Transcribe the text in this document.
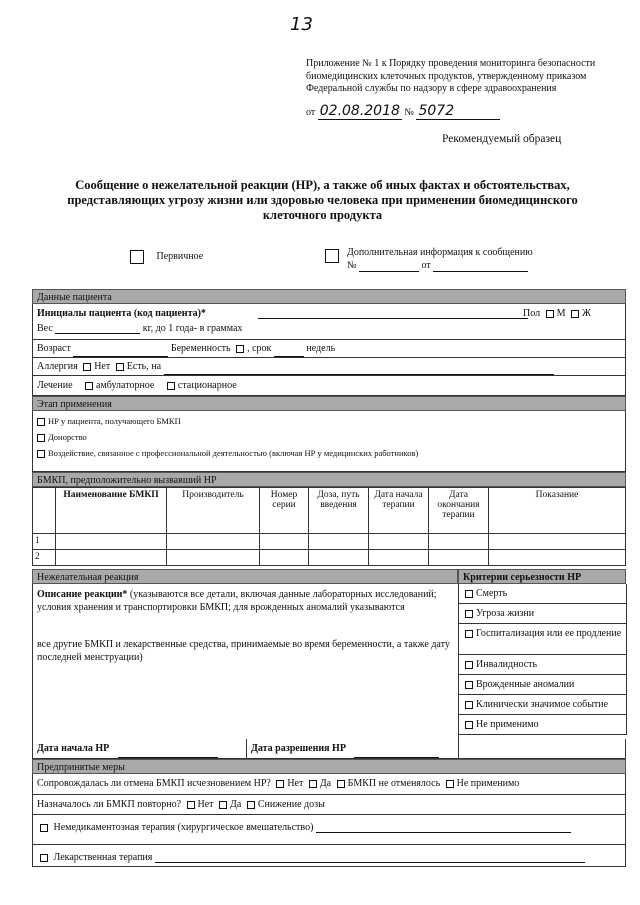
13
Приложение № 1 к Порядку проведения мониторинга безопасности биомедицинских клеточных продуктов, утвержденному приказом Федеральной службы по надзору в сфере здравоохранения
от 02.08.2018 № 5072
Рекомендуемый образец
Сообщение о нежелательной реакции (НР), а также об иных фактах и обстоятельствах, представляющих угрозу жизни или здоровью человека при применении биомедицинского клеточного продукта
Первичное	Дополнительная информация к сообщению
№	от
Данные пациента
Инициалы пациента (код пациента)*	Пол М Ж
Вес	кг, до 1 года- в граммах
Возраст	Беременность , срок	недель
Аллергия Нет Есть, на
Лечение амбулаторное стационарное
Этап применения
НР у пациента, получающего БМКП
Донорство
Воздействие, связанное с профессиональной деятельностью (включая НР у медицинских работников)
БМКП, предположительно вызвавший НР
	Наименование БМКП	Производитель	Номер серии	Доза, путь введения	Дата начала терапии	Дата окончания терапии	Показание
1							
2							
Нежелательная реакция	Критерии серьезности НР
Описание реакции* (указываются все детали, включая данные лабораторных исследований; условия хранения и транспортировки БМКП; для врожденных аномалий указываются
все другие БМКП и лекарственные средства, принимаемые во время беременности, а также дату последней менструации)
Смерть
Угроза жизни
Госпитализация или ее продление
Инвалидность
Врожденные аномалии
Клинически значимое событие
Не применимо
Дата начала НР	Дата разрешения НР
Предпринятые меры
Сопровождалась ли отмена БМКП исчезновением НР? Нет Да БМКП не отменялось Не применимо
Назначалось ли БМКП повторно? Нет Да Снижение дозы
Немедикаментозная терапия (хирургическое вмешательство)
Лекарственная терапия
